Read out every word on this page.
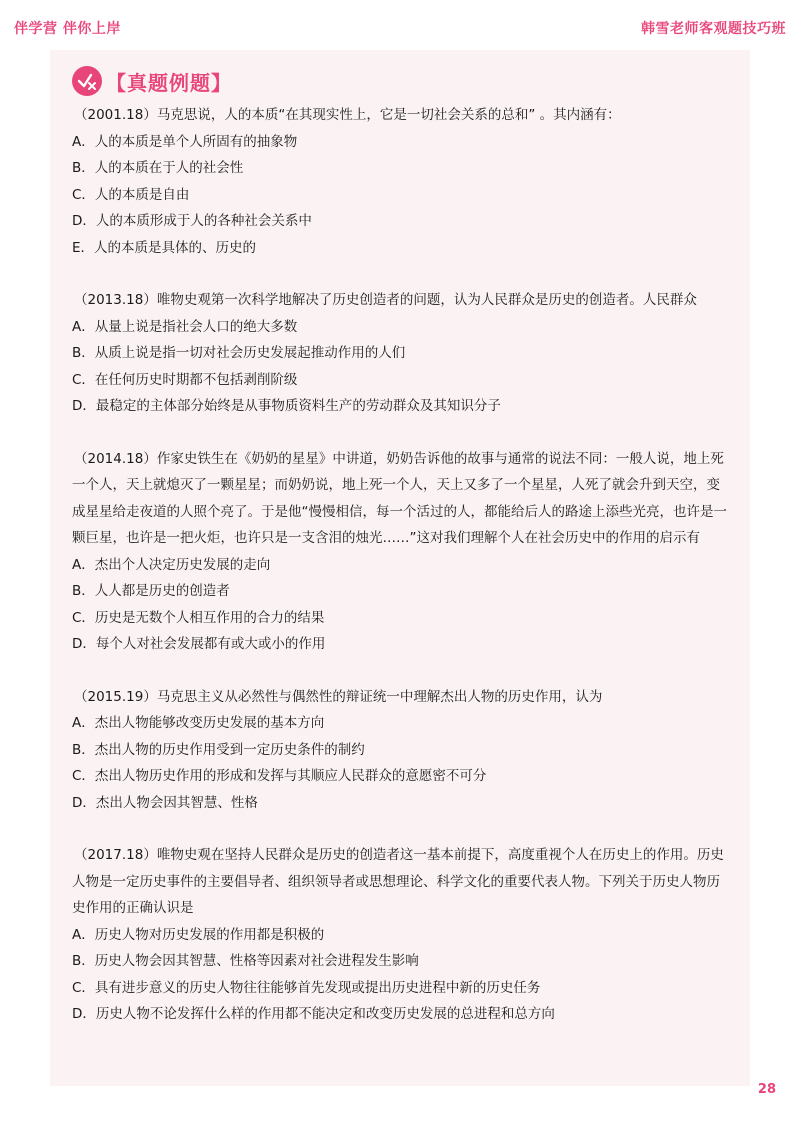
伴学营 伴你上岸	韩雪老师客观题技巧班
【真题例题】
（2001.18）马克思说，人的本质“在其现实性上，它是一切社会关系的总和” 。其内涵有：
A．人的本质是单个人所固有的抽象物
B．人的本质在于人的社会性
C．人的本质是自由
D．人的本质形成于人的各种社会关系中
E．人的本质是具体的、历史的
（2013.18）唯物史观第一次科学地解决了历史创造者的问题，认为人民群众是历史的创造者。人民群众
A．从量上说是指社会人口的绝大多数
B．从质上说是指一切对社会历史发展起推动作用的人们
C．在任何历史时期都不包括剥削阶级
D．最稳定的主体部分始终是从事物质资料生产的劳动群众及其知识分子
（2014.18）作家史铁生在《奶奶的星星》中讲道，奶奶告诉他的故事与通常的说法不同：一般人说，地上死一个人，天上就熄灭了一颗星星；而奶奶说，地上死一个人，天上又多了一个星星，人死了就会升到天空，变成星星给走夜道的人照个亮了。于是他“慢慢相信，每一个活过的人，都能给后人的路途上添些光亮，也许是一颗巨星，也许是一把火炬，也许只是一支含泪的烛光……”这对我们理解个人在社会历史中的作用的启示有
A．杰出个人决定历史发展的走向
B．人人都是历史的创造者
C．历史是无数个人相互作用的合力的结果
D．每个人对社会发展都有或大或小的作用
（2015.19）马克思主义从必然性与偶然性的辩证统一中理解杰出人物的历史作用，认为
A．杰出人物能够改变历史发展的基本方向
B．杰出人物的历史作用受到一定历史条件的制约
C．杰出人物历史作用的形成和发挥与其顺应人民群众的意愿密不可分
D．杰出人物会因其智慧、性格
（2017.18）唯物史观在坚持人民群众是历史的创造者这一基本前提下，高度重视个人在历史上的作用。历史人物是一定历史事件的主要倡导者、组织领导者或思想理论、科学文化的重要代表人物。下列关于历史人物历史作用的正确认识是
A．历史人物对历史发展的作用都是积极的
B．历史人物会因其智慧、性格等因素对社会进程发生影响
C．具有进步意义的历史人物往往能够首先发现或提出历史进程中新的历史任务
D．历史人物不论发挥什么样的作用都不能决定和改变历史发展的总进程和总方向
28
